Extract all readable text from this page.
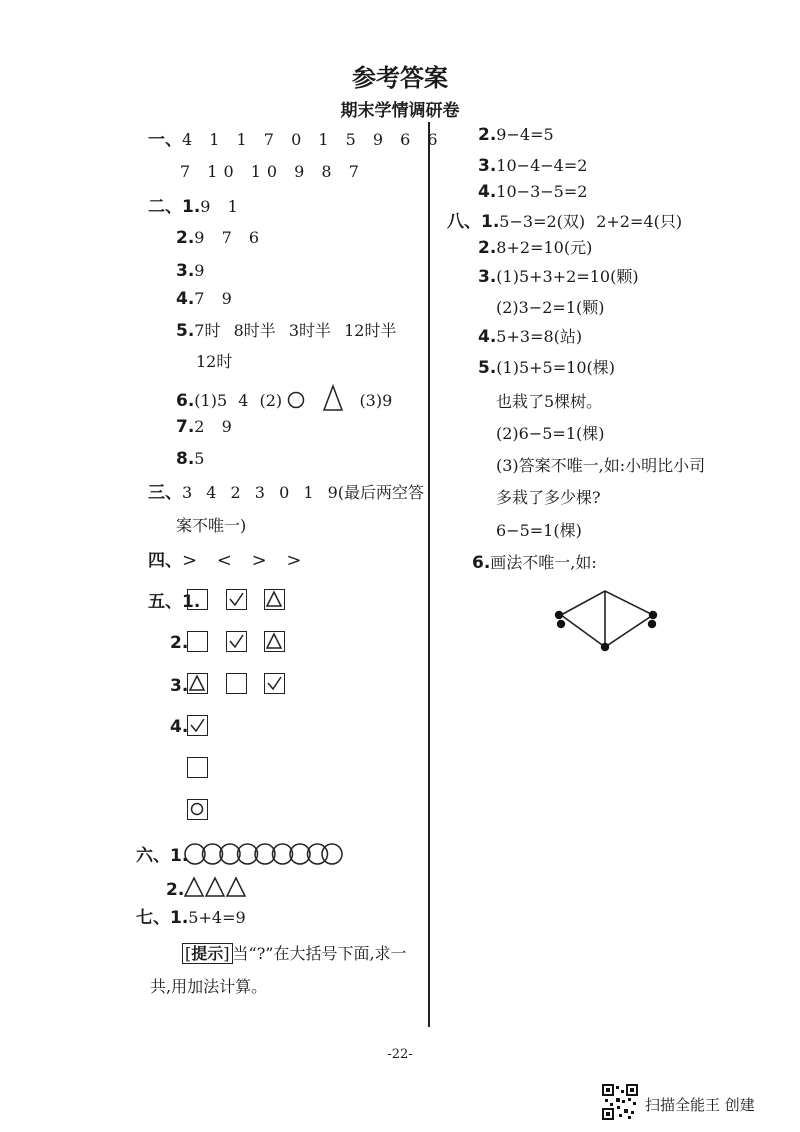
参考答案
期末学情调研卷
一、4 1 1 7 0 1 5 9 6 6
7 10 10 9 8 7
二、1.9 1
2.9 7 6
3.9
4.7 9
5.7时 8时半 3时半 12时半
12时
6.(1)5 4 (2)	(3)9
7.2 9
8.5
三、3 4 2 3 0 1 9(最后两空答
案不唯一)
四、> < > >
五、1.
2.
3.
4.
六、1.
2.
七、1.5+4=9
[提示] 当“?”在大括号下面,求一
共,用加法计算。
2.9−4=5
3.10−4−4=2
4.10−3−5=2
八、1.5−3=2(双) 2+2=4(只)
2.8+2=10(元)
3.(1)5+3+2=10(颗)
(2)3−2=1(颗)
4.5+3=8(站)
5.(1)5+5=10(棵)
也栽了5棵树。
(2)6−5=1(棵)
(3)答案不唯一,如:小明比小司
多栽了多少棵?
6−5=1(棵)
6.画法不唯一,如:
-22-
扫描全能王 创建
